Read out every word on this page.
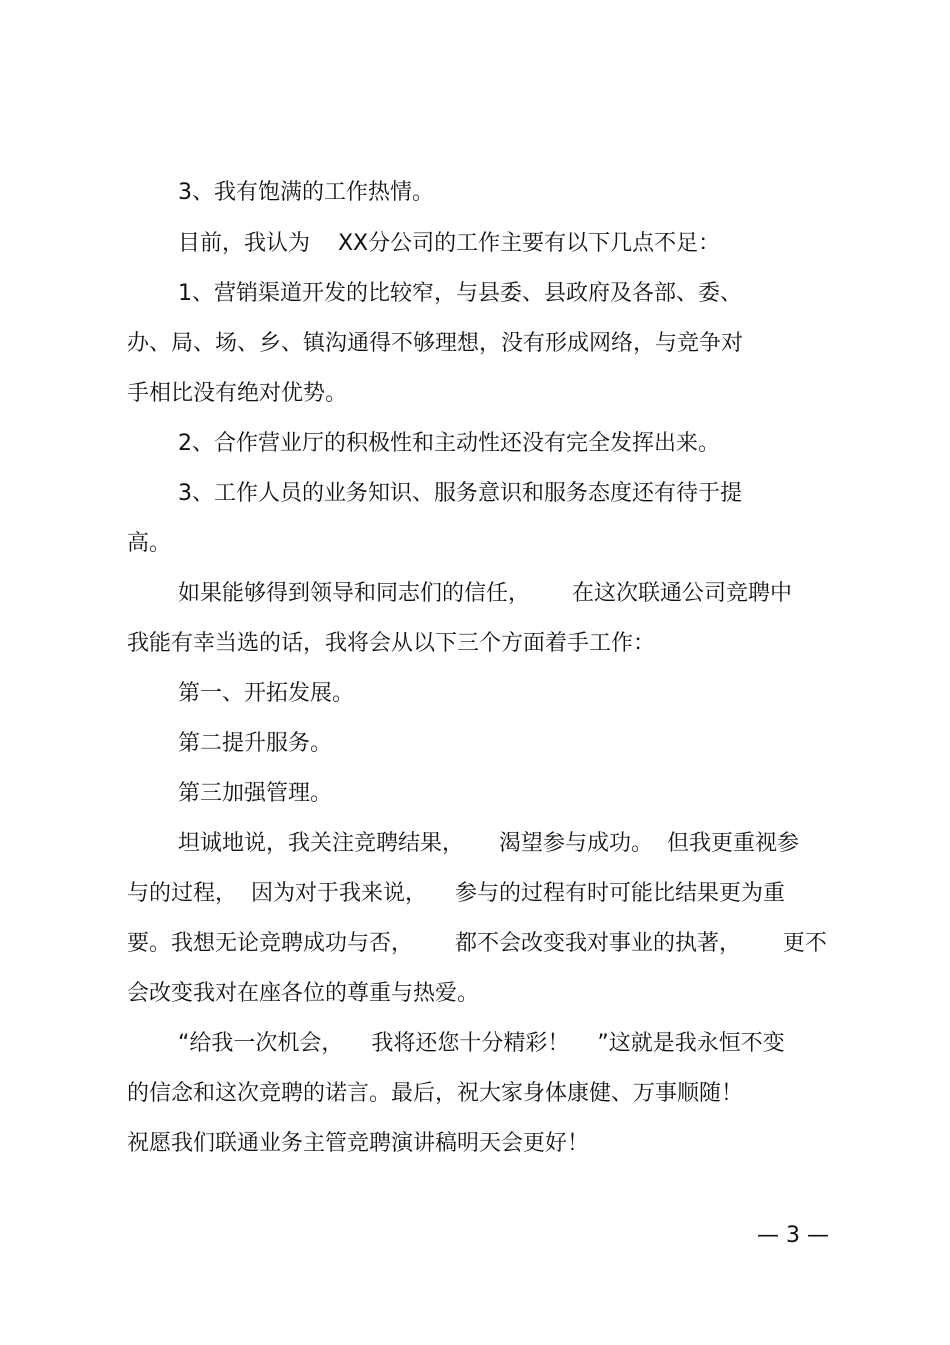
3、我有饱满的工作热情。
目前，我认为    XX分公司的工作主要有以下几点不足：
1、营销渠道开发的比较窄，与县委、县政府及各部、委、
办、局、场、乡、镇沟通得不够理想，没有形成网络，与竞争对
手相比没有绝对优势。
2、合作营业厅的积极性和主动性还没有完全发挥出来。
3、工作人员的业务知识、服务意识和服务态度还有待于提
高。
如果能够得到领导和同志们的信任，      在这次联通公司竞聘中
我能有幸当选的话，我将会从以下三个方面着手工作：
第一、开拓发展。
第二提升服务。
第三加强管理。
坦诚地说，我关注竞聘结果，     渴望参与成功。  但我更重视参
与的过程，  因为对于我来说，    参与的过程有时可能比结果更为重
要。我想无论竞聘成功与否，      都不会改变我对事业的执著，      更不
会改变我对在座各位的尊重与热爱。
“给我一次机会，    我将还您十分精彩！    ”这就是我永恒不变
的信念和这次竞聘的诺言。最后，祝大家身体康健、万事顺随！
祝愿我们联通业务主管竞聘演讲稿明天会更好！
— 3 —
